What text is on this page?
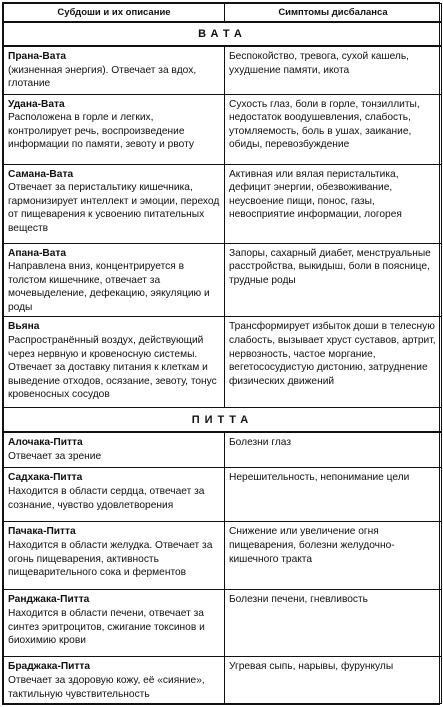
Субдоши и их описание	Симптомы дисбаланса
ВАТА	

Прана-Вата
(жизненная энергия). Отвечает за вдох, глотание	Беспокойство, тревога, сухой кашель, ухудшение памяти, икота

Удана-Вата
Расположена в горле и легких, контролирует речь, воспроизведение информации по памяти, зевоту и рвоту	Сухость глаз, боли в горле, тонзиллиты, недостаток воодушевления, слабость, утомляемость, боль в ушах, заикание, обиды, перевозбуждение

Самана-Вата
Отвечает за перистальтику кишечника, гармонизирует интеллект и эмоции, переход от пищеварения к усвоению питательных веществ	Активная или вялая перистальтика, дефицит энергии, обезвоживание, неусвоение пищи, понос, газы, невосприятие информации, логорея

Апана-Вата
Направлена вниз, концентрируется в толстом кишечнике, отвечает за мочевыделение, дефекацию, эякуляцию и роды	Запоры, сахарный диабет, менструальные расстройства, выкидыш, боли в пояснице, трудные роды

Вьяна
Распространённый воздух, действующий через нервную и кровеносную системы. Отвечает за доставку питания к клеткам и выведение отходов, осязание, зевоту, тонус кровеносных сосудов	Трансформирует избыток доши в телесную слабость, вызывает хруст суставов, артрит, нервозность, частое моргание, вегетососудистую дистонию, затруднение физических движений
ПИТТА	

Алочака-Питта
Отвечает за зрение	Болезни глаз

Садхака-Питта
Находится в области сердца, отвечает за сознание, чувство удовлетворения	Нерешительность, непонимание цели

Пачака-Питта
Находится в области желудка. Отвечает за огонь пищеварения, активность пищеварительного сока и ферментов	Снижение или увеличение огня пищеварения, болезни желудочно-кишечного тракта

Ранджака-Питта
Находится в области печени, отвечает за синтез эритроцитов, сжигание токсинов и биохимию крови	Болезни печени, гневливость

Браджака-Питта
Отвечает за здоровую кожу, её «сияние», тактильную чувствительность	Угревая сыпь, нарывы, фурункулы
